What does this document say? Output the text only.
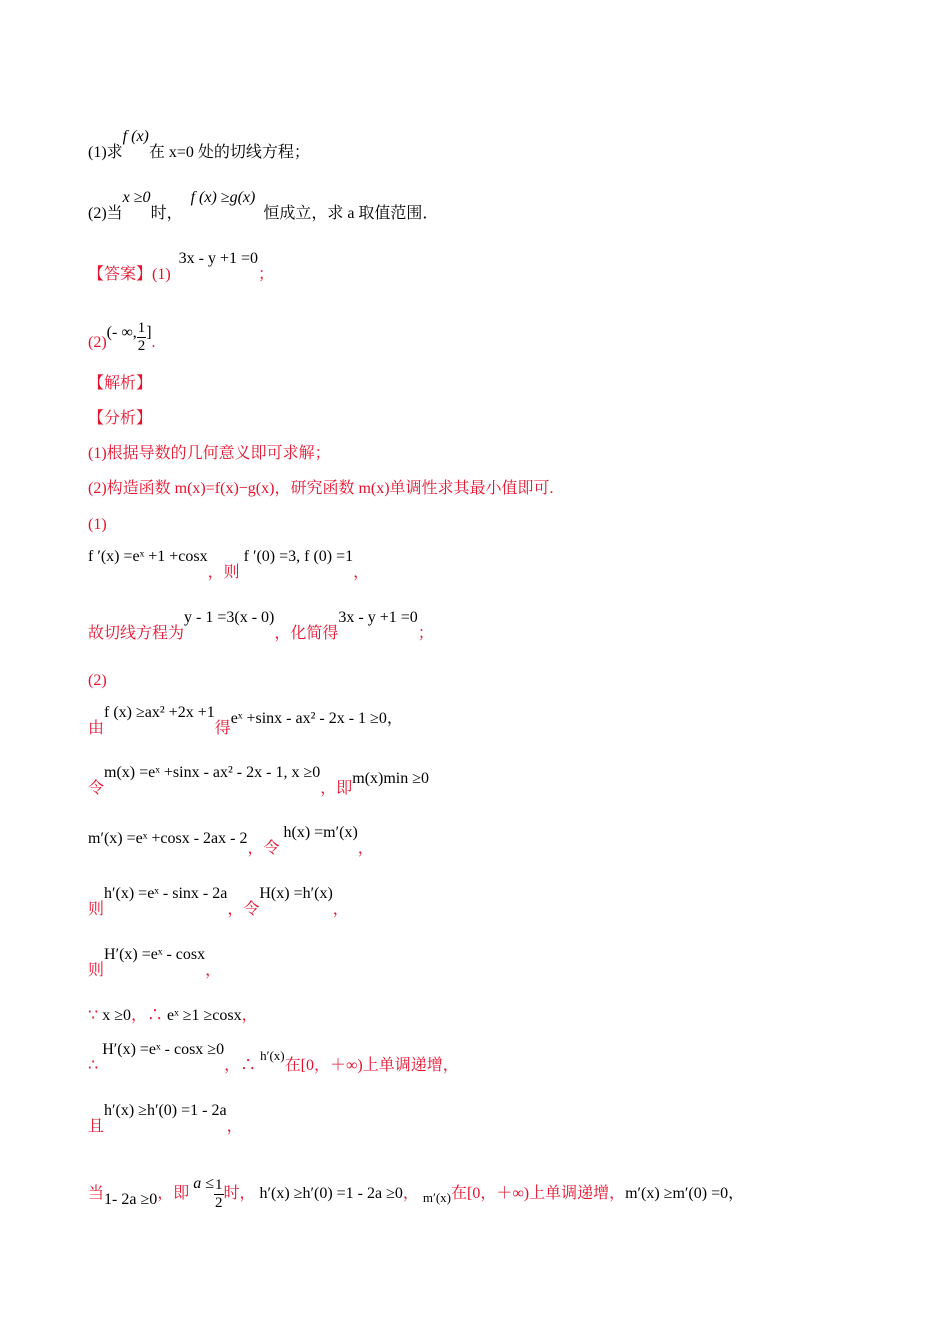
(1)求f (x)在 x=0 处的切线方程；
(2)当x ≥0时，  f (x) ≥g(x)  恒成立，求 a 取值范围．
【答案】(1)  3x - y +1 =0；
(2)(- ∞, $\frac{1}{2}$ ].
【解析】
【分析】
(1)根据导数的几何意义即可求解；
(2)构造函数 m(x)=f(x)−g(x)，研究函数 m(x)单调性求其最小值即可.
(1)
f ′(x) =eˣ +1 +cosx，则 f ′(0) =3, f (0) =1，
故切线方程为y - 1 =3(x - 0)，化简得3x - y +1 =0；
(2)
由f (x) ≥ax² +2x +1得eˣ +sinx - ax² - 2x - 1 ≥0，
令m(x) =eˣ +sinx - ax² - 2x - 1, x ≥0，即m(x)min ≥0
m′(x) =eˣ +cosx - 2ax - 2，令 h(x) =m′(x)，
则h′(x) =eˣ - sinx - 2a，令H(x) =h′(x)，
则H′(x) =eˣ - cosx，
∵ x ≥0，∴ eˣ ≥1 ≥cosx，
∴ H′(x) =eˣ - cosx ≥0，∴ $^{h'(x)}$在[0，＋∞)上单调递增，
且h′(x) ≥h′(0) =1 - 2a，
当1- 2a ≥0，即 $a \le \frac{1}{2}$ 时， h′(x) ≥h′(0) =1 - 2a ≥0， $_{m'(x)}$在[0，＋∞)上单调递增，m′(x) ≥m′(0) =0，
